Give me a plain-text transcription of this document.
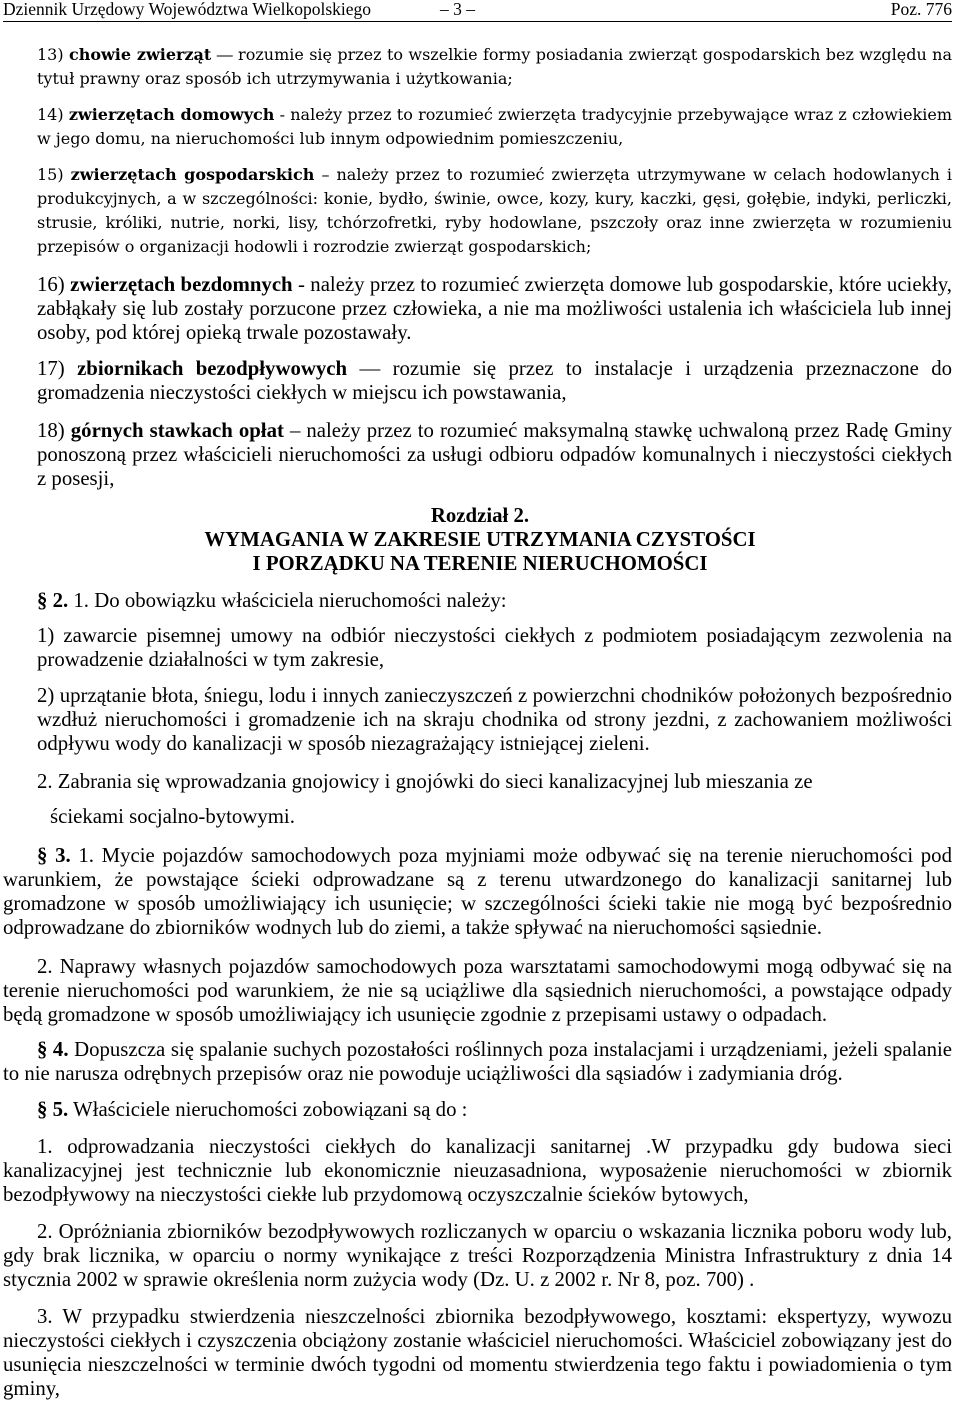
Dziennik Urzędowy Województwa Wielkopolskiego	– 3 –	Poz. 776

13) chowie zwierząt ― rozumie się przez to wszelkie formy posiadania zwierząt gospodarskich bez względu na tytuł prawny oraz sposób ich utrzymywania i użytkowania;

14) zwierzętach domowych - należy przez to rozumieć zwierzęta tradycyjnie przebywające wraz z człowiekiem w jego domu, na nieruchomości lub innym odpowiednim pomieszczeniu,

15) zwierzętach gospodarskich – należy przez to rozumieć zwierzęta utrzymywane w celach hodowlanych i produkcyjnych, a w szczególności: konie, bydło, świnie, owce, kozy, kury, kaczki, gęsi, gołębie, indyki, perliczki, strusie, króliki, nutrie, norki, lisy, tchórzofretki, ryby hodowlane, pszczoły oraz inne zwierzęta w rozumieniu przepisów o organizacji hodowli i rozrodzie zwierząt gospodarskich;

16) zwierzętach bezdomnych - należy przez to rozumieć zwierzęta domowe lub gospodarskie, które uciekły, zabłąkały się lub zostały porzucone przez człowieka, a nie ma możliwości ustalenia ich właściciela lub innej osoby, pod której opieką trwale pozostawały.

17) zbiornikach bezodpływowych — rozumie się przez to instalacje i urządzenia przeznaczone do gromadzenia nieczystości ciekłych w miejscu ich powstawania,

18) górnych stawkach opłat – należy przez to rozumieć maksymalną stawkę uchwaloną przez Radę Gminy ponoszoną przez właścicieli nieruchomości za usługi odbioru odpadów komunalnych i nieczystości ciekłych z posesji,

Rozdział 2.
WYMAGANIA W ZAKRESIE UTRZYMANIA CZYSTOŚCI
I PORZĄDKU NA TERENIE NIERUCHOMOŚCI

§ 2. 1. Do obowiązku właściciela nieruchomości należy:

1) zawarcie pisemnej umowy na odbiór nieczystości ciekłych z podmiotem posiadającym zezwolenia na prowadzenie działalności w tym zakresie,

2) uprzątanie błota, śniegu, lodu i innych zanieczyszczeń z powierzchni chodników położonych bezpośrednio wzdłuż nieruchomości i gromadzenie ich na skraju chodnika od strony jezdni, z zachowaniem możliwości odpływu wody do kanalizacji w sposób niezagrażający istniejącej zieleni.

2. Zabrania się wprowadzania gnojowicy i gnojówki do sieci kanalizacyjnej lub mieszania ze

ściekami socjalno-bytowymi.

§ 3. 1. Mycie pojazdów samochodowych poza myjniami może odbywać się na terenie nieruchomości pod warunkiem, że powstające ścieki odprowadzane są z terenu utwardzonego do kanalizacji sanitarnej lub gromadzone w sposób umożliwiający ich usunięcie; w szczególności ścieki takie nie mogą być bezpośrednio odprowadzane do zbiorników wodnych lub do ziemi, a także spływać na nieruchomości sąsiednie.

2. Naprawy własnych pojazdów samochodowych poza warsztatami samochodowymi mogą odbywać się na terenie nieruchomości pod warunkiem, że nie są uciążliwe dla sąsiednich nieruchomości, a powstające odpady będą gromadzone w sposób umożliwiający ich usunięcie zgodnie z przepisami ustawy o odpadach.

§ 4. Dopuszcza się spalanie suchych pozostałości roślinnych poza instalacjami i urządzeniami, jeżeli spalanie to nie narusza odrębnych przepisów oraz nie powoduje uciążliwości dla sąsiadów i zadymiania dróg.

§ 5. Właściciele nieruchomości zobowiązani są do :

1. odprowadzania nieczystości ciekłych do kanalizacji sanitarnej .W przypadku gdy budowa sieci kanalizacyjnej jest technicznie lub ekonomicznie nieuzasadniona, wyposażenie nieruchomości w zbiornik bezodpływowy na nieczystości ciekłe lub przydomową oczyszczalnie ścieków bytowych,

2. Opróżniania zbiorników bezodpływowych rozliczanych w oparciu o wskazania licznika poboru wody lub, gdy brak licznika, w oparciu o normy wynikające z treści Rozporządzenia Ministra Infrastruktury z dnia 14 stycznia 2002 w sprawie określenia norm zużycia wody (Dz. U. z 2002 r. Nr 8, poz. 700) .

3. W przypadku stwierdzenia nieszczelności zbiornika bezodpływowego, kosztami: ekspertyzy, wywozu nieczystości ciekłych i czyszczenia obciążony zostanie właściciel nieruchomości. Właściciel zobowiązany jest do usunięcia nieszczelności w terminie dwóch tygodni od momentu stwierdzenia tego faktu i powiadomienia o tym gminy,
